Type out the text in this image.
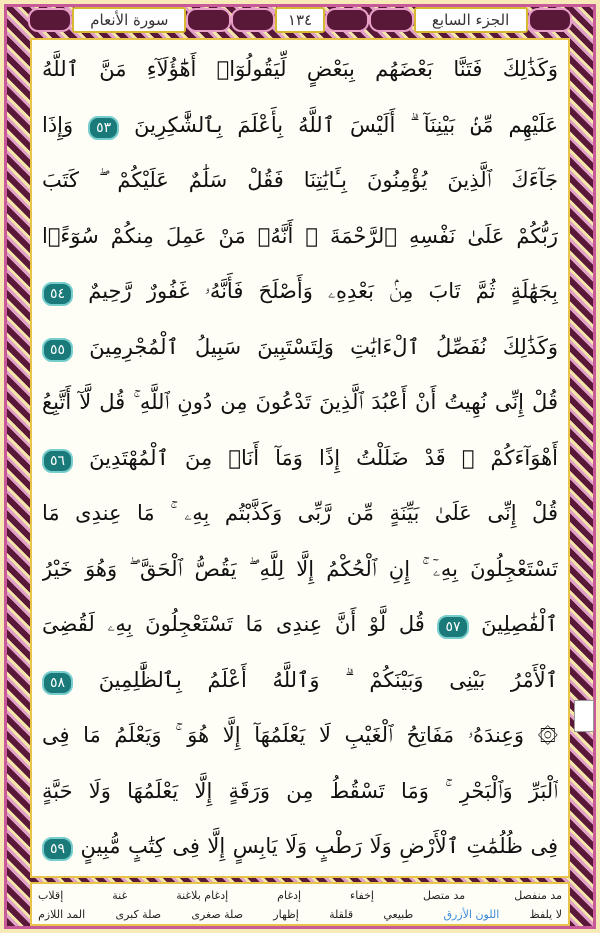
سورة الأنعام	١٣٤	الجزء السابع
وَكَذَٰلِكَ فَتَنَّا بَعْضَهُم بِبَعْضٍ لِّيَقُولُوٓا۟ أَهَٰٓؤُلَآءِ مَنَّ ٱللَّهُ
عَلَيْهِم مِّنۢ بَيْنِنَآ ۗ أَلَيْسَ ٱللَّهُ بِأَعْلَمَ بِٱلشَّٰكِرِينَ ٥٣ وَإِذَا
جَآءَكَ ٱلَّذِينَ يُؤْمِنُونَ بِـَٔايَٰتِنَا فَقُلْ سَلَٰمٌ عَلَيْكُمْ ۖ كَتَبَ
رَبُّكُمْ عَلَىٰ نَفْسِهِ ٱلرَّحْمَةَ ۖ أَنَّهُۥ مَنْ عَمِلَ مِنكُمْ سُوٓءًۢا
بِجَهَٰلَةٍ ثُمَّ تَابَ مِنۢ بَعْدِهِۦ وَأَصْلَحَ فَأَنَّهُۥ غَفُورٌ رَّحِيمٌ ٥٤
وَكَذَٰلِكَ نُفَصِّلُ ٱلْءَايَٰتِ وَلِتَسْتَبِينَ سَبِيلُ ٱلْمُجْرِمِينَ ٥٥
قُلْ إِنِّى نُهِيتُ أَنْ أَعْبُدَ ٱلَّذِينَ تَدْعُونَ مِن دُونِ ٱللَّهِ ۚ قُل لَّآ أَتَّبِعُ
أَهْوَآءَكُمْ ۙ قَدْ ضَلَلْتُ إِذًا وَمَآ أَنَا۠ مِنَ ٱلْمُهْتَدِينَ ٥٦
قُلْ إِنِّى عَلَىٰ بَيِّنَةٍ مِّن رَّبِّى وَكَذَّبْتُم بِهِۦ ۚ مَا عِندِى مَا
تَسْتَعْجِلُونَ بِهِۦٓ ۚ إِنِ ٱلْحُكْمُ إِلَّا لِلَّهِ ۖ يَقُصُّ ٱلْحَقَّ ۖ وَهُوَ خَيْرُ
ٱلْفَٰصِلِينَ ٥٧ قُل لَّوْ أَنَّ عِندِى مَا تَسْتَعْجِلُونَ بِهِۦ لَقُضِىَ
ٱلْأَمْرُ بَيْنِى وَبَيْنَكُمْ ۗ وَٱللَّهُ أَعْلَمُ بِٱلظَّٰلِمِينَ ٥٨
۞ وَعِندَهُۥ مَفَاتِحُ ٱلْغَيْبِ لَا يَعْلَمُهَآ إِلَّا هُوَ ۚ وَيَعْلَمُ مَا فِى
ٱلْبَرِّ وَٱلْبَحْرِ ۚ وَمَا تَسْقُطُ مِن وَرَقَةٍ إِلَّا يَعْلَمُهَا وَلَا حَبَّةٍ
فِى ظُلُمَٰتِ ٱلْأَرْضِ وَلَا رَطْبٍ وَلَا يَابِسٍ إِلَّا فِى كِتَٰبٍ مُّبِينٍ ٥٩
مد منفصل
مد متصل
إخفاء
إدغام
إدغام بلاغنة
غنة
إقلاب
لا يلفظ
اللون الأزرق
طبيعي
قلقلة
إظهار
صلة صغرى
صلة كبرى
المد اللازم
